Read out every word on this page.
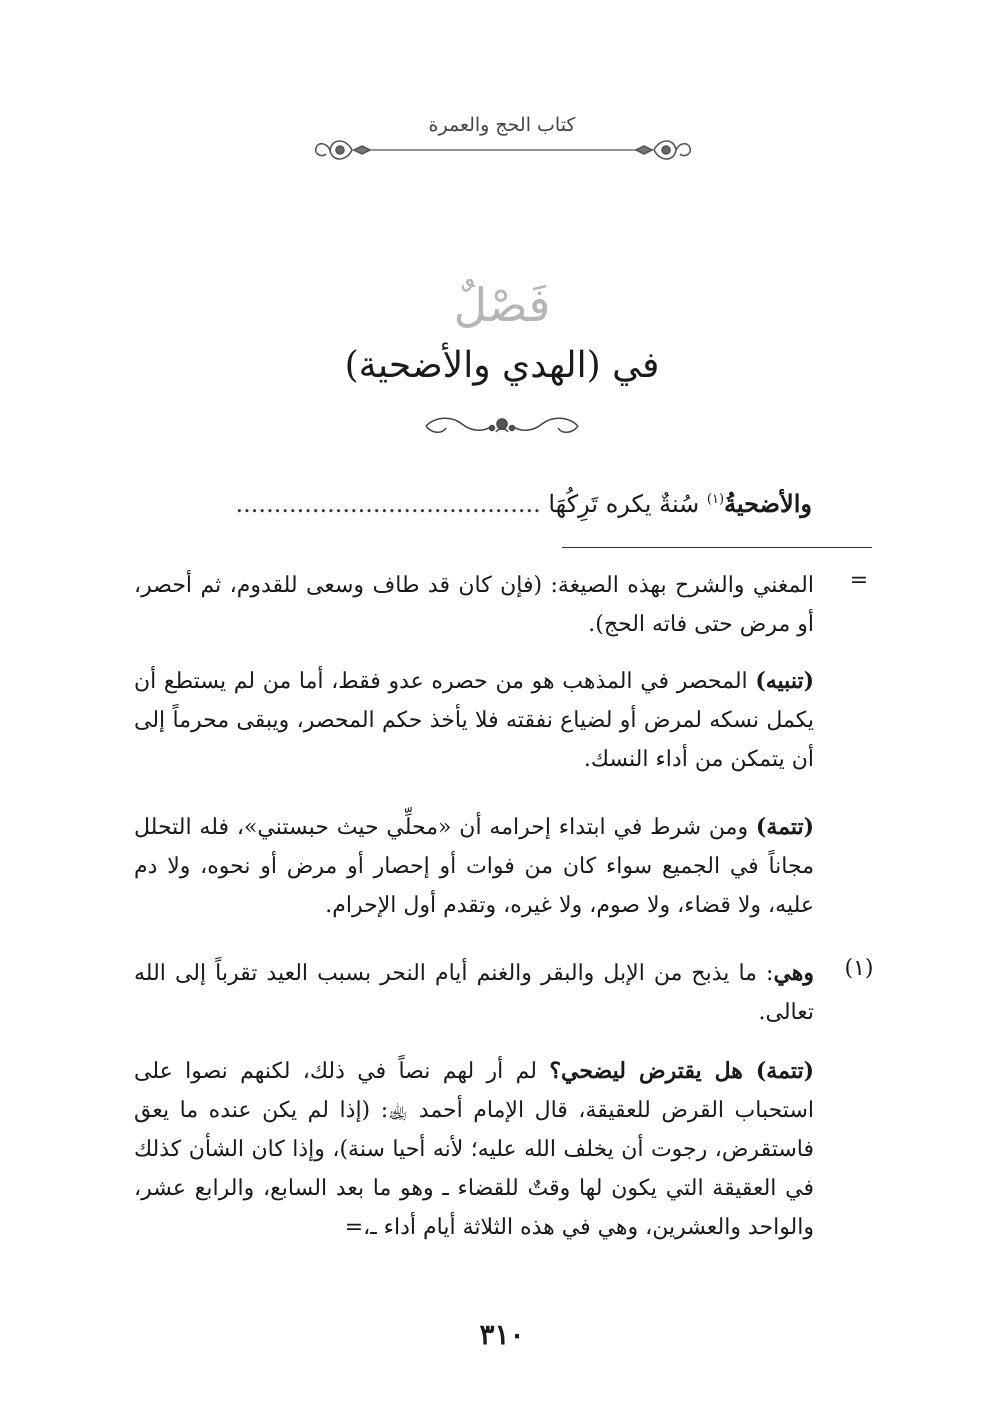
كتاب الحج والعمرة
فَصْلٌ
في (الهدي والأضحية)
والأضحيةُ$^{(١)}$ سُنةٌ يكره تَرِكُهَا ........................................
=
المغني والشرح بهذه الصيغة: (فإن كان قد طاف وسعى للقدوم، ثم أحصر، أو مرض حتى فاته الحج).
(تنبيه) المحصر في المذهب هو من حصره عدو فقط، أما من لم يستطع أن يكمل نسكه لمرض أو لضياع نفقته فلا يأخذ حكم المحصر، ويبقى محرماً إلى أن يتمكن من أداء النسك.
(تتمة) ومن شرط في ابتداء إحرامه أن «محلِّي حيث حبستني»، فله التحلل مجاناً في الجميع سواء كان من فوات أو إحصار أو مرض أو نحوه، ولا دم عليه، ولا قضاء، ولا صوم، ولا غيره، وتقدم أول الإحرام.
(١)
وهي: ما يذبح من الإبل والبقر والغنم أيام النحر بسبب العيد تقرباً إلى الله تعالى.
(تتمة) هل يقترض ليضحي؟ لم أر لهم نصاً في ذلك، لكنهم نصوا على استحباب القرض للعقيقة، قال الإمام أحمد ﵀: (إذا لم يكن عنده ما يعق فاستقرض، رجوت أن يخلف الله عليه؛ لأنه أحيا سنة)، وإذا كان الشأن كذلك في العقيقة التي يكون لها وقتٌ للقضاء ـ وهو ما بعد السابع، والرابع عشر، والواحد والعشرين، وهي في هذه الثلاثة أيام أداء ـ،=
٣١٠
